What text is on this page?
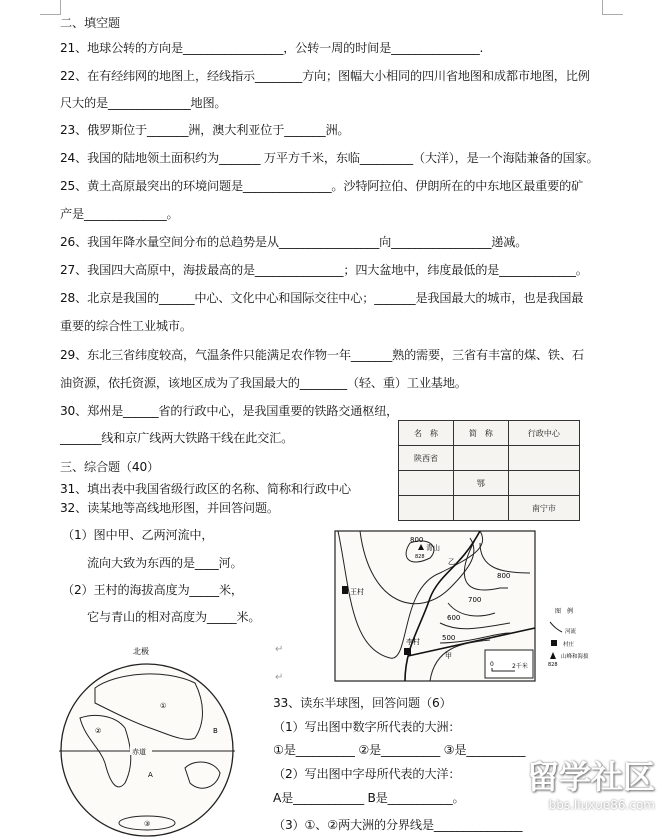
二、填空题
21、地球公转的方向是_________________，公转一周的时间是_______________.
22、在有经纬网的地图上，经线指示________方向；图幅大小相同的四川省地图和成都市地图，比例
尺大的是______________地图。
23、俄罗斯位于_______洲，澳大利亚位于_______洲。
24、我国的陆地领土面积约为_______ 万平方千米，东临_________（大洋），是一个海陆兼备的国家。
25、黄土高原最突出的环境问题是_______________。沙特阿拉伯、伊朗所在的中东地区最重要的矿
产是______________。
26、我国年降水量空间分布的总趋势是从_________________向_________________递减。
27、我国四大高原中，海拔最高的是_______________；四大盆地中，纬度最低的是_____________。
28、北京是我国的______中心、文化中心和国际交往中心；_______是我国最大的城市，也是我国最
重要的综合性工业城市。
29、东北三省纬度较高，气温条件只能满足农作物一年_______熟的需要，三省有丰富的煤、铁、石
油资源，依托资源，该地区成为了我国最大的________（轻、重）工业基地。
30、郑州是______省的行政中心，是我国重要的铁路交通枢纽，
_______线和京广线两大铁路干线在此交汇。
三、综合题（40）
31、填出表中我国省级行政区的名称、简称和行政中心
32、读某地等高线地形图，并回答问题。
（1）图中甲、乙两河流中，
流向大致为东西的是____河。
（2）王村的海拔高度为_____米，
它与青山的相对高度为_____米。
名　称	简　称	行政中心
陕西省		
	鄂	
		南宁市
800
青山
828
800
700
600
500
乙
甲
王村
李村
0	2千米
图　例
河流
村庄
山峰和海拔
828
↵
↵
北极
①
②
③
A
B
赤道
33、读东半球图，回答问题（6）
（1）写出图中数字所代表的大洲：
①是__________ ②是__________ ③是__________
（2）写出图中字母所代表的大洋：
A是____________ B是___________。
（3）①、②两大洲的分界线是_______________
留学社区
bbs.liuxue86.com
